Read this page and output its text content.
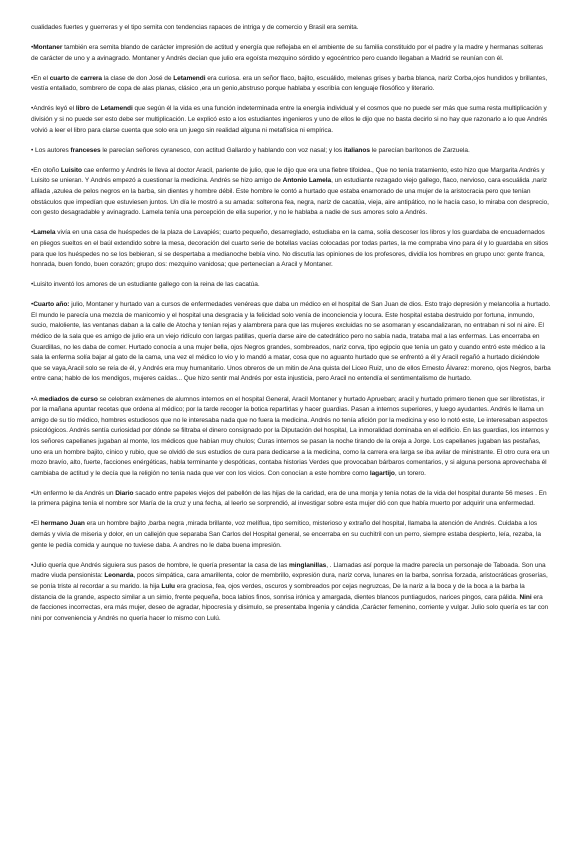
cualidades fuertes y guerreras y el tipo semita con tendencias rapaces de intriga y de comercio y Brasil era semita.

•Montaner también era semita blando de carácter impresión de actitud y energía que reflejaba en el ambiente de su familia constituido por el padre y la madre y hermanas solteras de carácter de uno y a avinagrado. Montaner y Andrés decían que julio era egoísta mezquino sórdido y egocéntrico pero cuando llegaban a Madrid se reunían con él.

•En el cuarto de carrera la clase de don José de Letamendi era curiosa. era un señor flaco, bajito, escuálido, melenas grises y barba blanca, nariz Corba,ojos hundidos y brillantes, vestía entallado, sombrero de copa de alas planas, clásico ,era un genio,abstruso porque hablaba y escribía con lenguaje filosófico y literario.

•Andrés leyó el libro de Letamendi que según él la vida es una función indeterminada entre la energía individual y el cosmos que no puede ser más que suma resta multiplicación y división y si no puede ser esto debe ser multiplicación. Le explicó esto a los estudiantes ingenieros y uno de ellos le dijo que no basta decirlo si no hay que razonarlo a lo que Andrés volvió a leer el libro para clarse cuenta que solo era un juego sin realidad alguna ni metafísica ni empírica.

• Los autores franceses le parecían señores cyranesco, con actitud Gallardo y hablando con voz nasal; y los italianos le parecían barítonos de Zarzuela.

•En otoño Luisito cae enfermo y Andrés le lleva al doctor Aracil, pariente de julio, que le dijo que era una fiebre tifoidea., Que no tenía tratamiento, esto hizo que Margarita Andrés y Luisito se unieran. Y Andrés empezó a cuestionar la medicina. Andrés se hizo amigo de Antonio Lamela, un estudiante rezagado viejo gallego, flaco, nervioso, cara escuálida ,nariz afilada ,azulea de pelos negros en la barba, sin dientes y hombre débil. Este hombre le contó a hurtado que estaba enamorado de una mujer de la aristocracia pero que tenían obstáculos que impedían que estuviesen juntos. Un día le mostró a su amada: solterona fea, negra, nariz de cacatúa, vieja, aire antipático, no le hacía caso, lo miraba con desprecio, con gesto desagradable y avinagrado. Lamela tenía una percepción de ella superior, y no le hablaba a nadie de sus amores solo a Andrés.

•Lamela vivía en una casa de huéspedes de la plaza de Lavapiés; cuarto pequeño, desarreglado, estudiaba en la cama, solía descoser los libros y los guardaba de encuadernados en pliegos sueltos en el baúl extendido sobre la mesa, decoración del cuarto serie de botellas vacías colocadas por todas partes, la me compraba vino para él y lo guardaba en sitios para que los huéspedes no se los bebieran, si se despertaba a medianoche bebía vino. No discutía las opiniones de los profesores, dividía los hombres en grupo uno: gente franca, honrada, buen fondo, buen corazón; grupo dos: mezquino vanidosa; que pertenecían a Aracil y Montaner.

•Luisito inventó los amores de un estudiante gallego con la reina de las cacatúa.

•Cuarto año: julio, Montaner y hurtado van a cursos de enfermedades venéreas que daba un médico en el hospital de San Juan de dios. Esto trajo depresión y melancolía a hurtado. El mundo le parecía una mezcla de manicomio y el hospital una desgracia y la felicidad solo venía de inconciencia y locura. Este hospital estaba destruido por fortuna, inmundo, sucio, maloliente, las ventanas daban a la calle de Atocha y tenían rejas y alambrera para que las mujeres excluidas no se asomaran y escandalizaran, no entraban ni sol ni aire. El médico de la sala que es amigo de julio era un viejo ridículo con largas patillas, quería darse aire de catedrático pero no sabía nada, trataba mal a las enfermas. Las encerraba en Guardillas, no les daba de comer. Hurtado conocía a una mujer bella, ojos Negros grandes, sombreados, nariz corva, tipo egipcio que tenía un gato y cuando entró este médico a la sala la enferma solía bajar al gato de la cama, una vez el médico lo vio y lo mandó a matar, cosa que no aguanto hurtado que se enfrentó a él y Aracil regañó a hurtado diciéndole que se vaya,Aracil solo se reía de él, y Andrés era muy humanitario. Unos obreros de un mitin de Ana quista del Liceo Ruiz, uno de ellos Ernesto Álvarez: moreno, ojos Negros, barba entre cana; hablo de los mendigos, mujeres caídas... Que hizo sentir mal Andrés por esta injusticia, pero Aracil no entendía el sentimentalismo de hurtado.

•A mediados de curso se celebran exámenes de alumnos internos en el hospital General, Aracil Montaner y hurtado Aprueban; aracil y hurtado primero tienen que ser libretistas, ir por la mañana apuntar recetas que ordena al médico; por la tarde recoger la botica repartirlas y hacer guardias. Pasan a internos superiores, y luego ayudantes. Andrés le llama un amigo de su tío médico, hombres estudiosos que no le interesaba nada que no fuera la medicina. Andrés no tenía afición por la medicina y eso lo notó este, Le interesaban aspectos psicológicos. Andrés sentía curiosidad por dónde se filtraba el dinero consignado por la Diputación del hospital, La inmoralidad dominaba en el edificio. En las guardias, los internos y los señores capellanes jugaban al monte, los médicos que habían muy chulos; Curas internos se pasan la noche tirando de la oreja a Jorge. Los capellanes jugaban las pestañas, uno era un hombre bajito, cínico y rubio, que se olvidó de sus estudios de cura para dedicarse a la medicina, como la carrera era larga se iba avilar de ministrante. El otro cura era un mozo bravío, alto, fuerte, facciones enérgéticas, habla terminante y despóticas, contaba historias Verdes que provocaban bárbaros comentarios, y si alguna persona aprovechaba él cambiaba de actitud y le decía que la religión no tenía nada que ver con los vicios. Con conocían a este hombre como lagartijo, un torero.

•Un enfermo le da Andrés un Diario sacado entre papeles viejos del pabellón de las hijas de la caridad, era de una monja y tenía notas de la vida del hospital durante 56 meses . En la primera página tenía el nombre sor María de la cruz y una fecha, al leerlo se sorprendió, al investigar sobre esta mujer dió con que había muerto por adquirir una enfermedad.

•El hermano Juan era un hombre bajito ,barba negra ,mirada brillante, voz melíflua, tipo semítico, misterioso y extraño del hospital, llamaba la atención de Andrés. Cuidaba a los demás y vivía de miseria y dolor, en un callejón que separaba San Carlos del Hospital general, se encerraba en su cuchitril con un perro, siempre estaba despierto, leía, rezaba, la gente le pedía comida y aunque no tuviese daba. A andres no le daba buena impresión.

•Julio quería que Andrés siguiera sus pasos de hombre, le quería presentar la casa de las minglanillas, . Llamadas así porque la madre parecía un personaje de Taboada. Son una madre viuda pensionista: Leonarda, pocos simpática, cara amarillenta, color de membrillo, expresión dura, nariz corva, lunares en la barba, sonrisa forzada, aristocráticas groserías, se ponía triste al recordar a su marido. la hija Lulu era graciosa, fea, ojos verdes, oscuros y sombreados por cejas negruzcas, De la nariz a la boca y de la boca a la barba la distancia de la grande, aspecto similar a un simio, frente pequeña, boca labios finos, sonrisa irónica y amargada, dientes blancos puntiagudos, narices pingos, cara pálida. Nini era de facciones incorrectas, era más mujer, deseo de agradar, hipocresía y disimulo, se presentaba Ingenia y cándida ,Carácter femenino, corriente y vulgar. Julio solo quería es tar con nini por conveniencia y Andrés no quería hacer lo mismo con Lulú.
